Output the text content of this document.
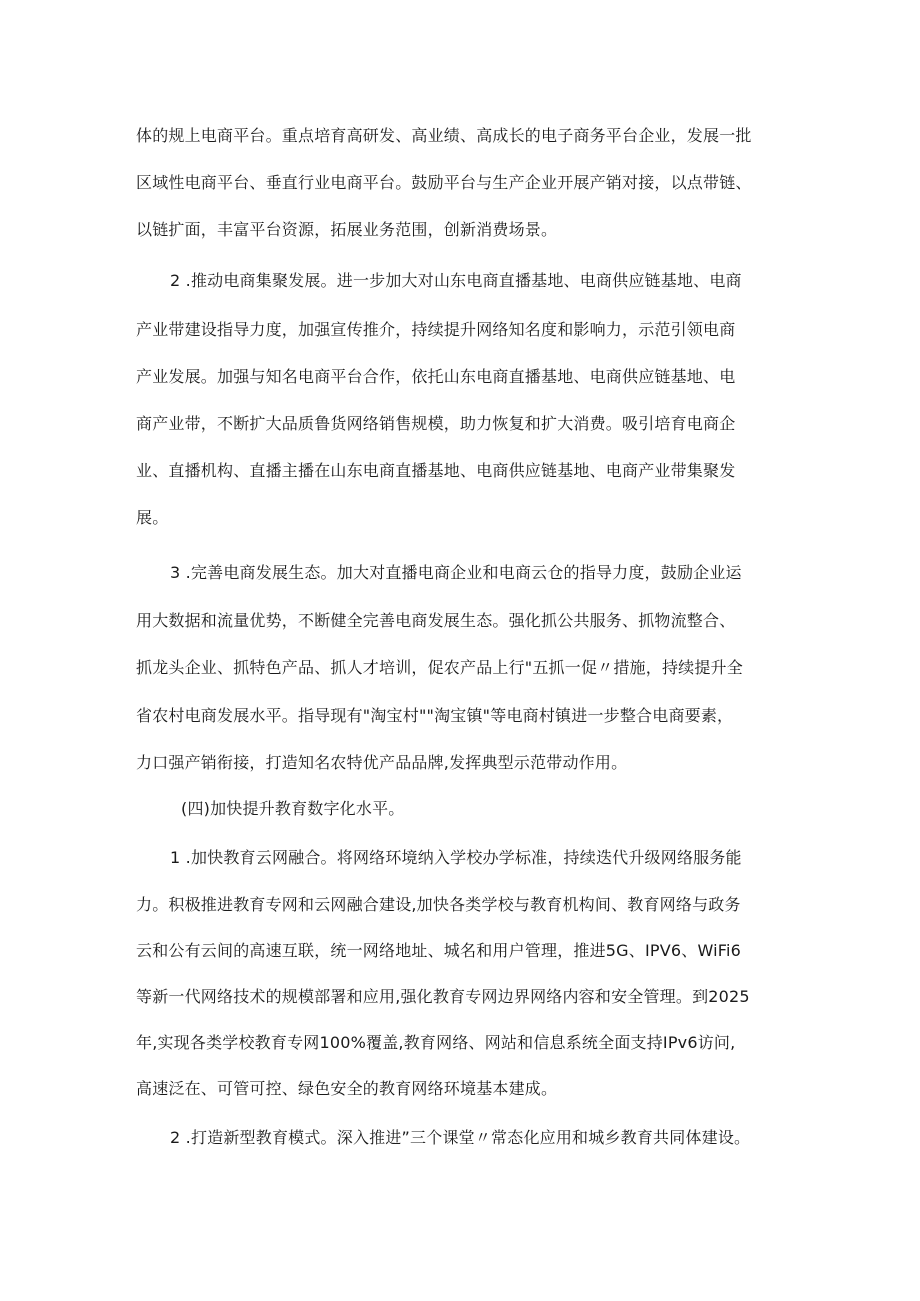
体的规上电商平台。重点培育高研发、高业绩、高成长的电子商务平台企业，发展一批
区域性电商平台、垂直行业电商平台。鼓励平台与生产企业开展产销对接，以点带链、
以链扩面，丰富平台资源，拓展业务范围，创新消费场景。
2 .推动电商集聚发展。进一步加大对山东电商直播基地、电商供应链基地、电商
产业带建设指导力度，加强宣传推介，持续提升网络知名度和影响力，示范引领电商
产业发展。加强与知名电商平台合作，依托山东电商直播基地、电商供应链基地、电
商产业带，不断扩大品质鲁货网络销售规模，助力恢复和扩大消费。吸引培育电商企
业、直播机构、直播主播在山东电商直播基地、电商供应链基地、电商产业带集聚发
展。
3 .完善电商发展生态。加大对直播电商企业和电商云仓的指导力度，鼓励企业运
用大数据和流量优势，不断健全完善电商发展生态。强化抓公共服务、抓物流整合、
抓龙头企业、抓特色产品、抓人才培训，促农产品上行"五抓一促〃措施，持续提升全
省农村电商发展水平。指导现有"淘宝村""淘宝镇"等电商村镇进一步整合电商要素，
力口强产销衔接，打造知名农特优产品品牌,发挥典型示范带动作用。
(四)加快提升教育数字化水平。
1 .加快教育云网融合。将网络环境纳入学校办学标准，持续迭代升级网络服务能
力。积极推进教育专网和云网融合建设,加快各类学校与教育机构间、教育网络与政务
云和公有云间的高速互联，统一网络地址、城名和用户管理，推进5G、IPV6、WiFi6
等新一代网络技术的规模部署和应用,强化教育专网边界网络内容和安全管理。到2025
年,实现各类学校教育专网100%覆盖,教育网络、网站和信息系统全面支持IPv6访问,
高速泛在、可管可控、绿色安全的教育网络环境基本建成。
2 .打造新型教育模式。深入推进”三个课堂〃常态化应用和城乡教育共同体建设。
